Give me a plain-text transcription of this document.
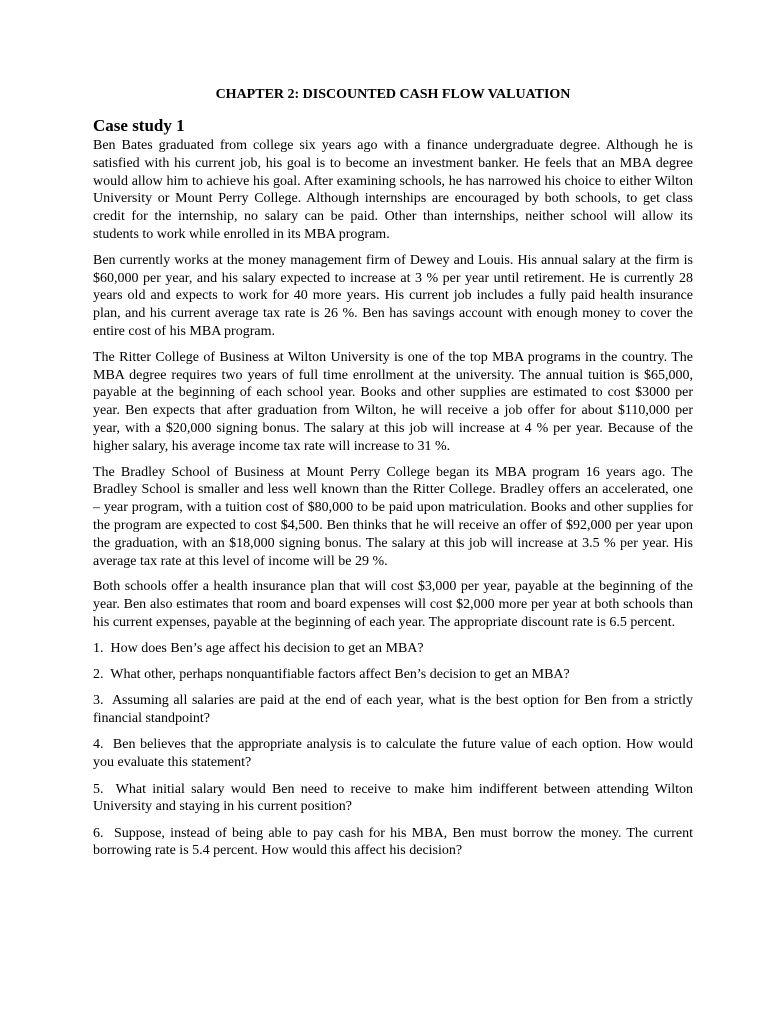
CHAPTER 2: DISCOUNTED CASH FLOW VALUATION
Case study 1

Ben Bates graduated from college six years ago with a finance undergraduate degree. Although he is satisfied with his current job, his goal is to become an investment banker. He feels that an MBA degree would allow him to achieve his goal. After examining schools, he has narrowed his choice to either Wilton University or Mount Perry College. Although internships are encouraged by both schools, to get class credit for the internship, no salary can be paid. Other than internships, neither school will allow its students to work while enrolled in its MBA program.

Ben currently works at the money management firm of Dewey and Louis. His annual salary at the firm is $60,000 per year, and his salary expected to increase at 3 % per year until retirement. He is currently 28 years old and expects to work for 40 more years. His current job includes a fully paid health insurance plan, and his current average tax rate is 26 %. Ben has savings account with enough money to cover the entire cost of his MBA program.

The Ritter College of Business at Wilton University is one of the top MBA programs in the country. The MBA degree requires two years of full time enrollment at the university. The annual tuition is $65,000, payable at the beginning of each school year. Books and other supplies are estimated to cost $3000 per year. Ben expects that after graduation from Wilton, he will receive a job offer for about $110,000 per year, with a $20,000 signing bonus. The salary at this job will increase at 4 % per year. Because of the higher salary, his average income tax rate will increase to 31 %.

The Bradley School of Business at Mount Perry College began its MBA program 16 years ago. The Bradley School is smaller and less well known than the Ritter College. Bradley offers an accelerated, one – year program, with a tuition cost of $80,000 to be paid upon matriculation. Books and other supplies for the program are expected to cost $4,500. Ben thinks that he will receive an offer of $92,000 per year upon the graduation, with an $18,000 signing bonus. The salary at this job will increase at 3.5 % per year. His average tax rate at this level of income will be 29 %.

Both schools offer a health insurance plan that will cost $3,000 per year, payable at the beginning of the year. Ben also estimates that room and board expenses will cost $2,000 more per year at both schools than his current expenses, payable at the beginning of each year. The appropriate discount rate is 6.5 percent.

1.  How does Ben’s age affect his decision to get an MBA?

2.  What other, perhaps nonquantifiable factors affect Ben’s decision to get an MBA?

3.  Assuming all salaries are paid at the end of each year, what is the best option for Ben from a strictly financial standpoint?

4.  Ben believes that the appropriate analysis is to calculate the future value of each option. How would you evaluate this statement?

5.  What initial salary would Ben need to receive to make him indifferent between attending Wilton University and staying in his current position?

6.  Suppose, instead of being able to pay cash for his MBA, Ben must borrow the money. The current borrowing rate is 5.4 percent. How would this affect his decision?
